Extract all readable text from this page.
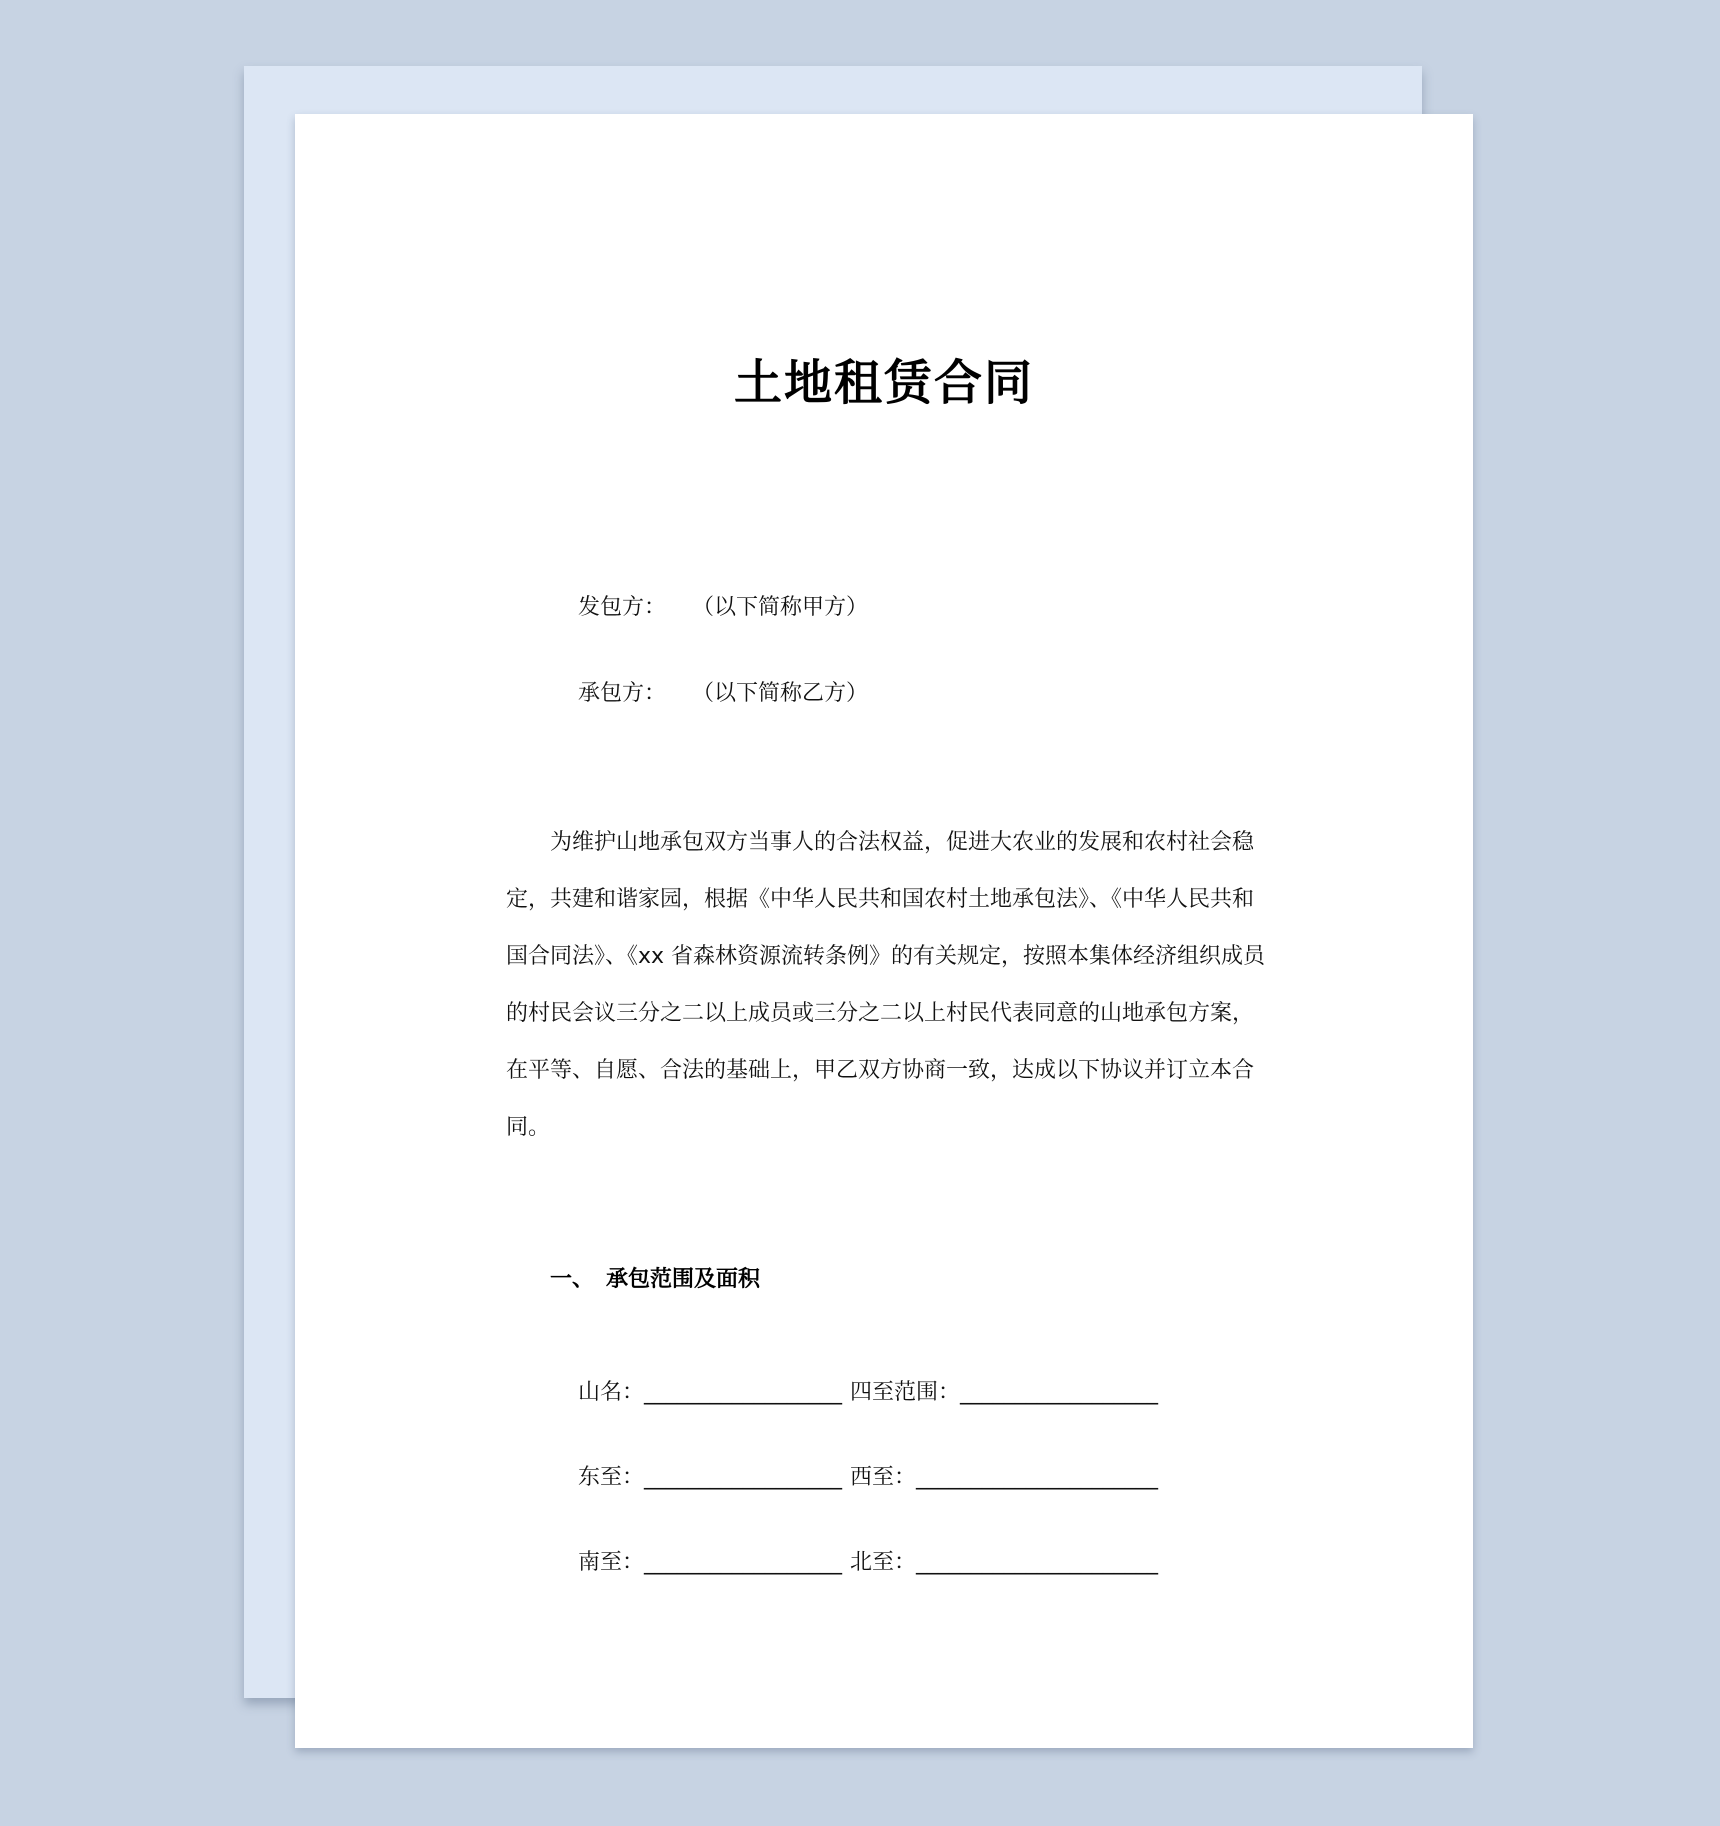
土地租赁合同

发包方： （以下简称甲方）

承包方： （以下简称乙方）

为维护山地承包双方当事人的合法权益，促进大农业的发展和农村社会稳
定，共建和谐家园，根据《中华人民共和国农村土地承包法》、《中华人民共和
国合同法》、《xx 省森林资源流转条例》的有关规定，按照本集体经济组织成员
的村民会议三分之二以上成员或三分之二以上村民代表同意的山地承包方案，
在平等、自愿、合法的基础上，甲乙双方协商一致，达成以下协议并订立本合
同。
一、 承包范围及面积

山名：__________________ 四至范围：__________________

东至：__________________ 西至：______________________

南至：__________________ 北至：______________________
